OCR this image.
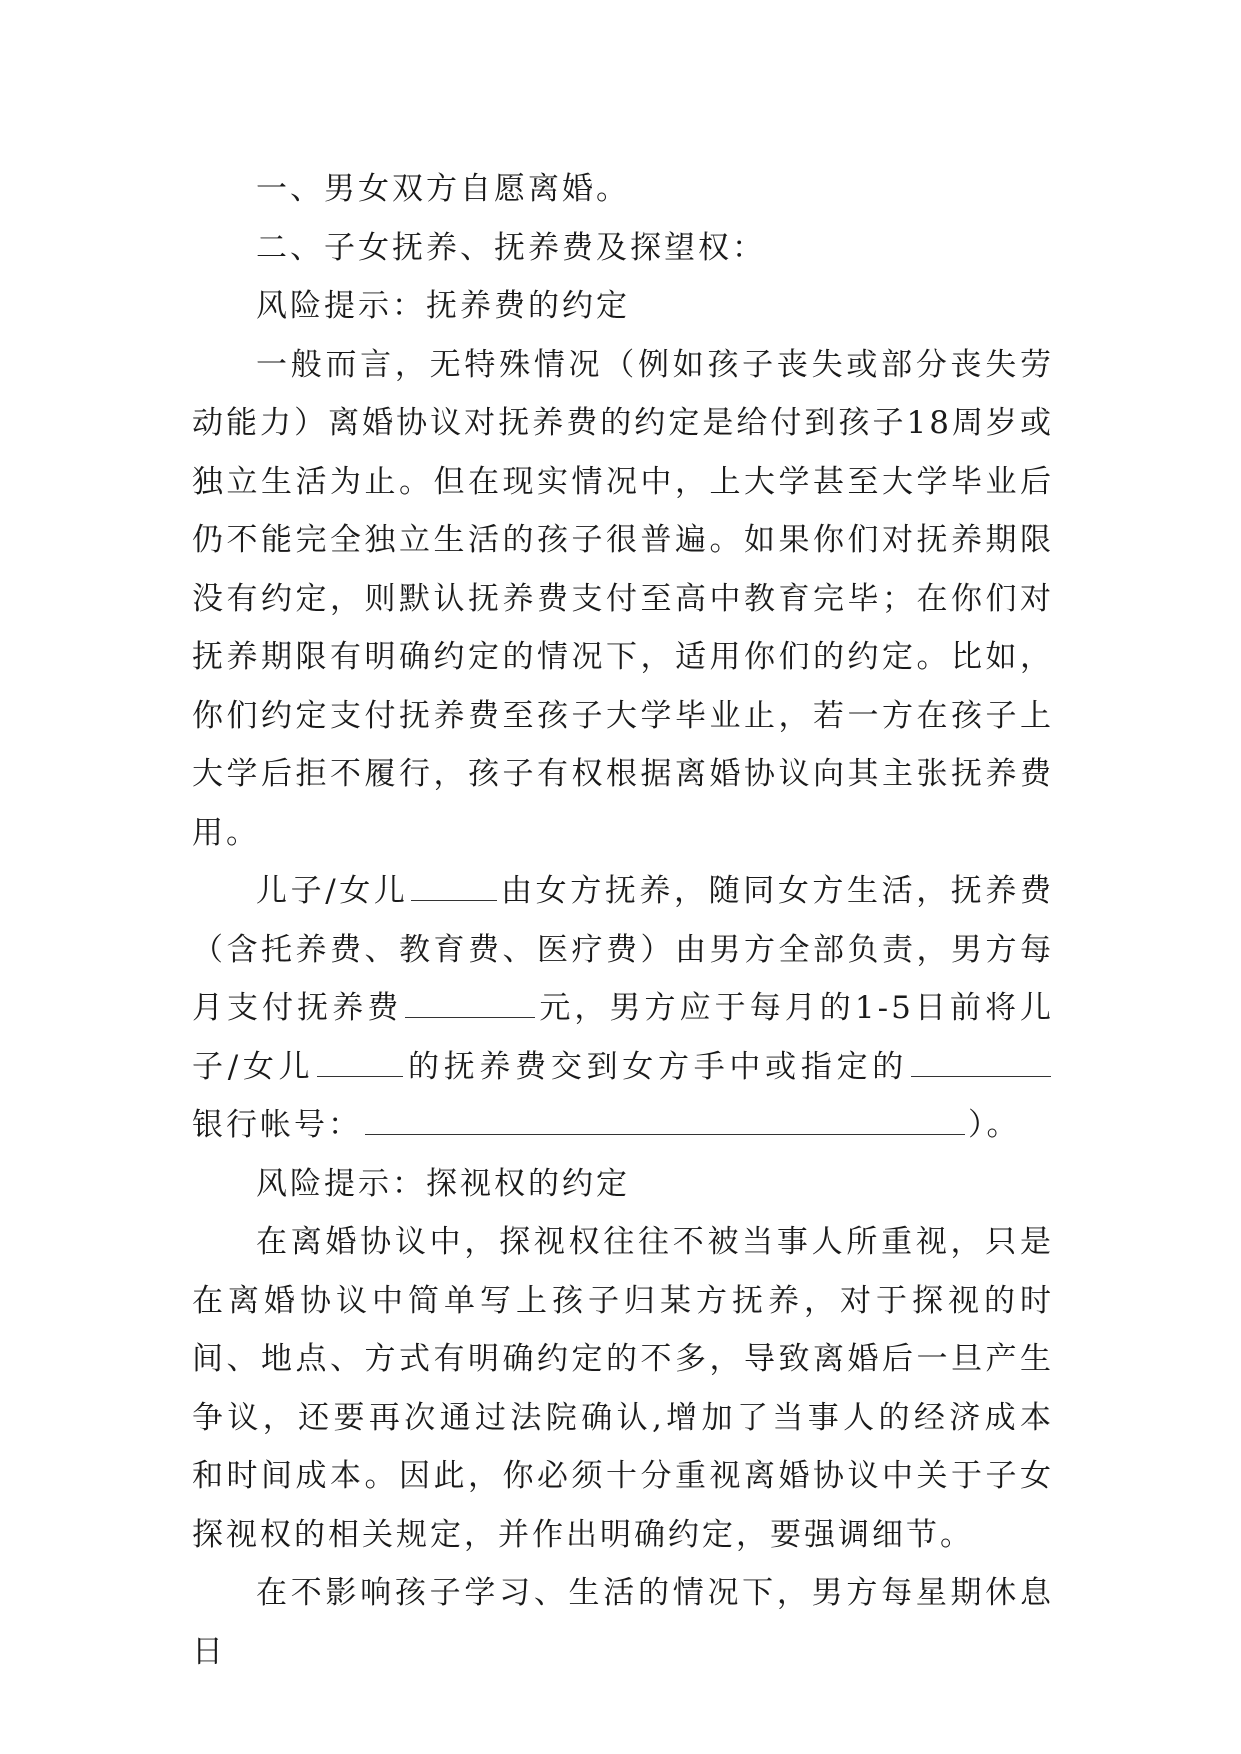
一、男女双方自愿离婚。

二、子女抚养、抚养费及探望权：

风险提示：抚养费的约定

一般而言，无特殊情况（例如孩子丧失或部分丧失劳动能力）离婚协议对抚养费的约定是给付到孩子18周岁或独立生活为止。但在现实情况中，上大学甚至大学毕业后仍不能完全独立生活的孩子很普遍。如果你们对抚养期限没有约定，则默认抚养费支付至高中教育完毕；在你们对抚养期限有明确约定的情况下，适用你们的约定。比如，你们约定支付抚养费至孩子大学毕业止，若一方在孩子上大学后拒不履行，孩子有权根据离婚协议向其主张抚养费用。

儿子/女儿	由女方抚养，随同女方生活，抚养费（含托养费、教育费、医疗费）由男方全部负责，男方每月支付抚养费	元，男方应于每月的1-5日前将儿子/女儿	的抚养费交到女方手中或指定的银行帐号：	）。

风险提示：探视权的约定

在离婚协议中，探视权往往不被当事人所重视，只是在离婚协议中简单写上孩子归某方抚养，对于探视的时间、地点、方式有明确约定的不多，导致离婚后一旦产生争议，还要再次通过法院确认,增加了当事人的经济成本和时间成本。因此，你必须十分重视离婚协议中关于子女探视权的相关规定，并作出明确约定，要强调细节。

在不影响孩子学习、生活的情况下，男方每星期休息日
